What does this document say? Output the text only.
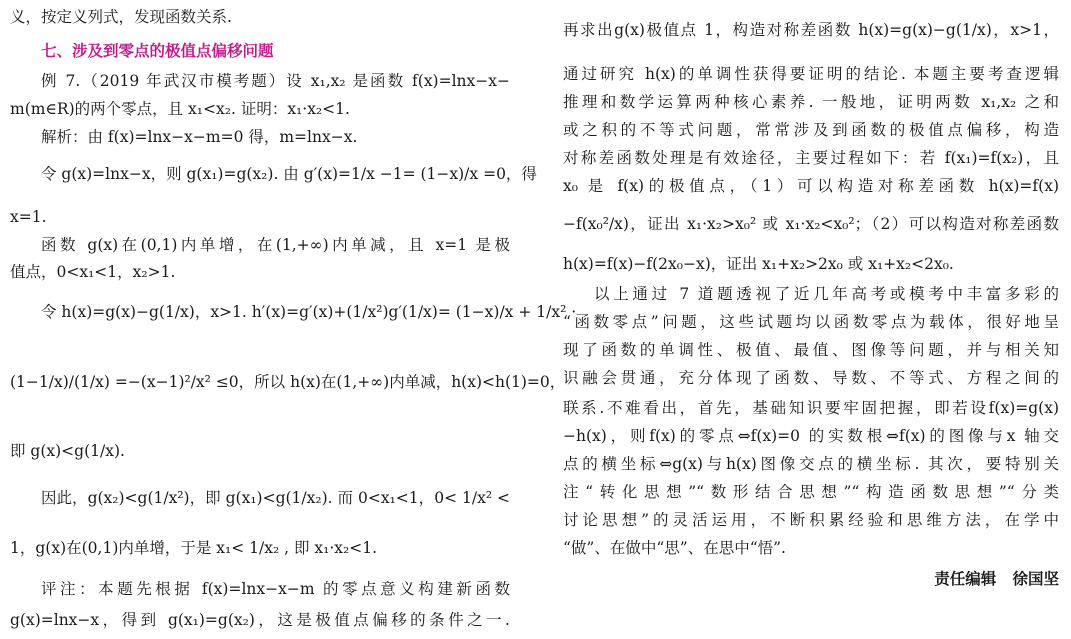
义，按定义列式，发现函数关系.

七、涉及到零点的极值点偏移问题

例 7.（2019 年武汉市模考题）设 x₁,x₂ 是函数 f(x)=lnx−x−

m(m∈R)的两个零点，且 x₁<x₂. 证明：x₁·x₂<1.

解析：由 f(x)=lnx−x−m=0 得，m=lnx−x.

令 g(x)=lnx−x，则 g(x₁)=g(x₂). 由 g′(x)=1/x −1= (1−x)/x =0，得

x=1.

函数 g(x)在(0,1)内单增，在(1,+∞)内单减，且 x=1 是极

值点，0<x₁<1，x₂>1.

令 h(x)=g(x)−g(1/x)，x>1. h′(x)=g′(x)+(1/x²)g′(1/x)= (1−x)/x + 1/x² ·

(1−1/x)/(1/x) =−(x−1)²/x² ≤0，所以 h(x)在(1,+∞)内单减，h(x)<h(1)=0，

即 g(x)<g(1/x).

因此，g(x₂)<g(1/x²)，即 g(x₁)<g(1/x₂). 而 0<x₁<1，0< 1/x² <

1，g(x)在(0,1)内单增，于是 x₁< 1/x₂ , 即 x₁·x₂<1.

评注：本题先根据 f(x)=lnx−x−m 的零点意义构建新函数

g(x)=lnx−x，得到 g(x₁)=g(x₂)，这是极值点偏移的条件之一.

再求出g(x)极值点 1，构造对称差函数 h(x)=g(x)−g(1/x)，x>1，

通过研究 h(x)的单调性获得要证明的结论. 本题主要考查逻辑

推理和数学运算两种核心素养. 一般地，证明两数 x₁,x₂ 之和

或之积的不等式问题，常常涉及到函数的极值点偏移，构造

对称差函数处理是有效途径，主要过程如下：若 f(x₁)=f(x₂)，且

x₀ 是 f(x)的极值点，（1）可以构造对称差函数 h(x)=f(x)

−f(x₀²/x)，证出 x₁·x₂>x₀² 或 x₁·x₂<x₀²；（2）可以构造对称差函数

h(x)=f(x)−f(2x₀−x)，证出 x₁+x₂>2x₀ 或 x₁+x₂<2x₀.

以上通过 7 道题透视了近几年高考或模考中丰富多彩的

“函数零点”问题，这些试题均以函数零点为载体，很好地呈

现了函数的单调性、极值、最值、图像等问题，并与相关知

识融会贯通，充分体现了函数、导数、不等式、方程之间的

联系.不难看出，首先，基础知识要牢固把握，即若设f(x)=g(x)

−h(x)，则f(x)的零点⇔f(x)=0 的实数根⇔f(x)的图像与x 轴交

点的横坐标⇔g(x)与h(x)图像交点的横坐标. 其次，要特别关

注“转化思想”“数形结合思想”“构造函数思想”“分类

讨论思想”的灵活运用，不断积累经验和思维方法，在学中

“做”、在做中“思”、在思中“悟”.

责任编辑 徐国坚
